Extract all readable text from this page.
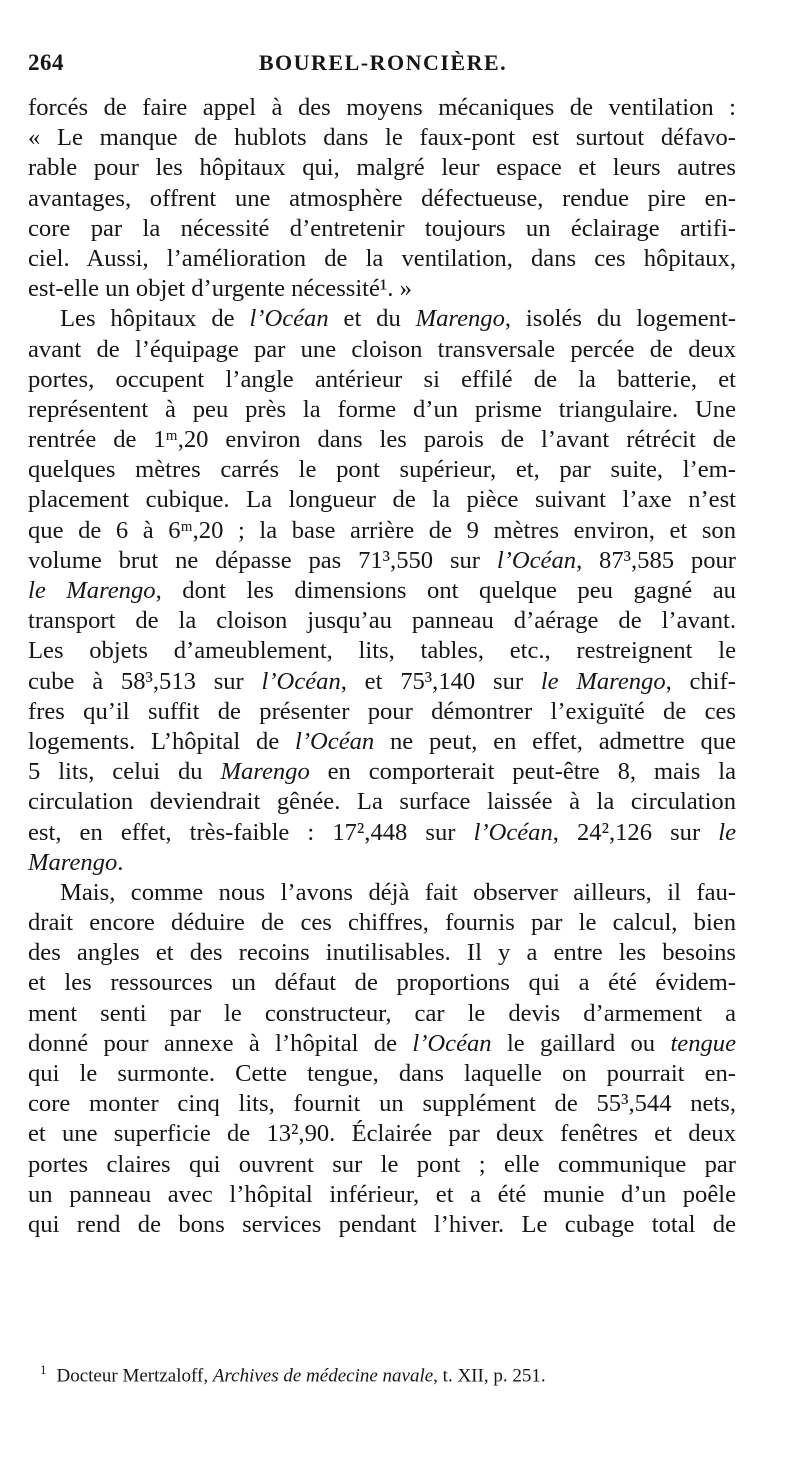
264	BOUREL-RONCIÈRE.
forcés de faire appel à des moyens mécaniques de ventilation :
« Le manque de hublots dans le faux-pont est surtout défavo-
rable pour les hôpitaux qui, malgré leur espace et leurs autres
avantages, offrent une atmosphère défectueuse, rendue pire en-
core par la nécessité d’entretenir toujours un éclairage artifi-
ciel. Aussi, l’amélioration de la ventilation, dans ces hôpitaux,
est-elle un objet d’urgente nécessité¹. »
Les hôpitaux de l’Océan et du Marengo, isolés du logement-
avant de l’équipage par une cloison transversale percée de deux
portes, occupent l’angle antérieur si effilé de la batterie, et
représentent à peu près la forme d’un prisme triangulaire. Une
rentrée de 1ᵐ,20 environ dans les parois de l’avant rétrécit de
quelques mètres carrés le pont supérieur, et, par suite, l’em-
placement cubique. La longueur de la pièce suivant l’axe n’est
que de 6 à 6ᵐ,20 ; la base arrière de 9 mètres environ, et son
volume brut ne dépasse pas 71³,550 sur l’Océan, 87³,585 pour
le Marengo, dont les dimensions ont quelque peu gagné au
transport de la cloison jusqu’au panneau d’aérage de l’avant.
Les objets d’ameublement, lits, tables, etc., restreignent le
cube à 58³,513 sur l’Océan, et 75³,140 sur le Marengo, chif-
fres qu’il suffit de présenter pour démontrer l’exiguïté de ces
logements. L’hôpital de l’Océan ne peut, en effet, admettre que
5 lits, celui du Marengo en comporterait peut-être 8, mais la
circulation deviendrait gênée. La surface laissée à la circulation
est, en effet, très-faible : 17²,448 sur l’Océan, 24²,126 sur le
Marengo.
Mais, comme nous l’avons déjà fait observer ailleurs, il fau-
drait encore déduire de ces chiffres, fournis par le calcul, bien
des angles et des recoins inutilisables. Il y a entre les besoins
et les ressources un défaut de proportions qui a été évidem-
ment senti par le constructeur, car le devis d’armement a
donné pour annexe à l’hôpital de l’Océan le gaillard ou tengue
qui le surmonte. Cette tengue, dans laquelle on pourrait en-
core monter cinq lits, fournit un supplément de 55³,544 nets,
et une superficie de 13²,90. Éclairée par deux fenêtres et deux
portes claires qui ouvrent sur le pont ; elle communique par
un panneau avec l’hôpital inférieur, et a été munie d’un poêle
qui rend de bons services pendant l’hiver. Le cubage total de
$^1$ Docteur Mertzaloff, Archives de médecine navale, t. XII, p. 251.
